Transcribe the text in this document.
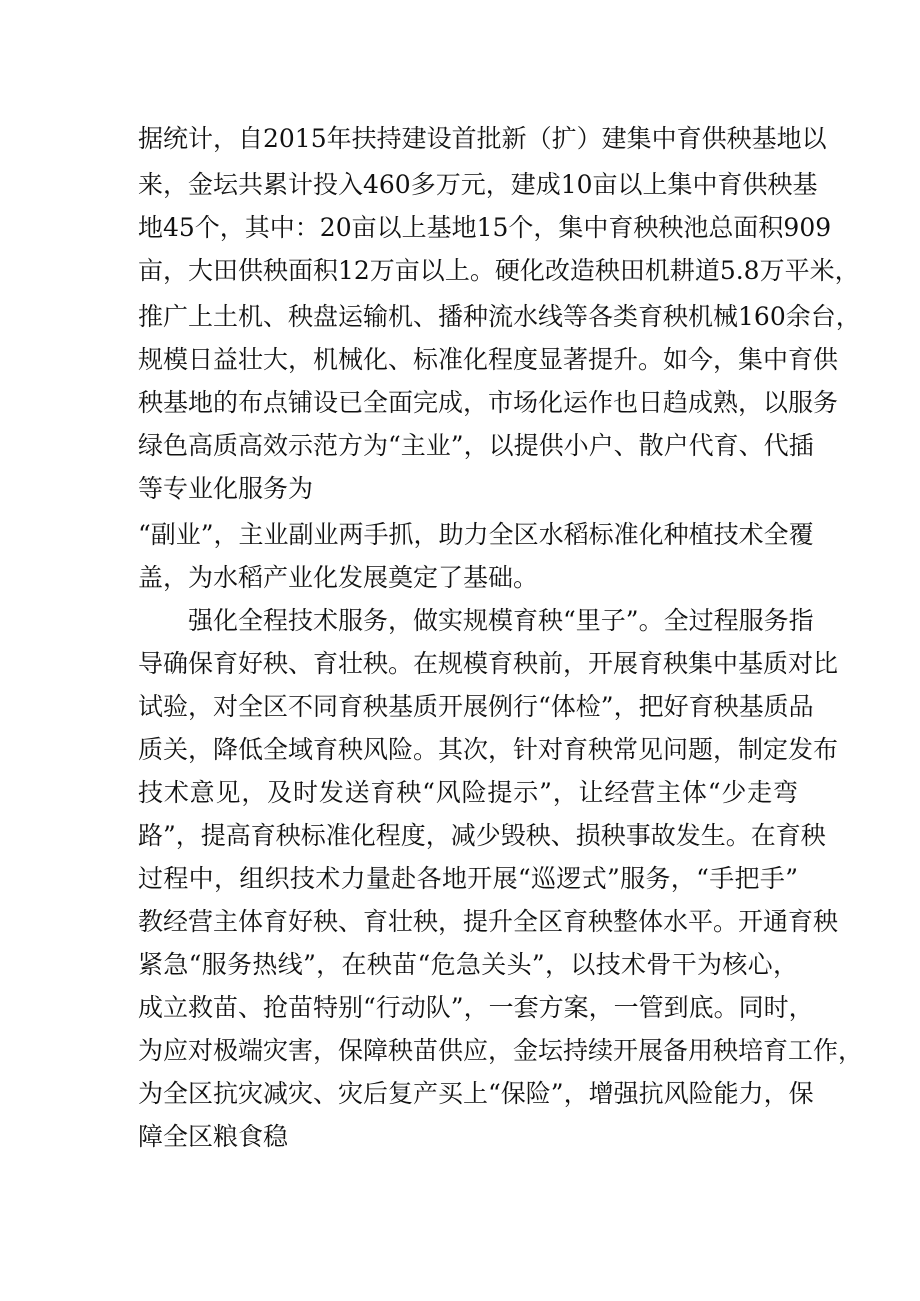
据统计，自2015年扶持建设首批新（扩）建集中育供秧基地以
来，金坛共累计投入460多万元，建成10亩以上集中育供秧基
地45个，其中：20亩以上基地15个，集中育秧秧池总面积909
亩，大田供秧面积12万亩以上。硬化改造秧田机耕道5.8万平米，
推广上土机、秧盘运输机、播种流水线等各类育秧机械160余台，
规模日益壮大，机械化、标准化程度显著提升。如今，集中育供
秧基地的布点铺设已全面完成，市场化运作也日趋成熟，以服务
绿色高质高效示范方为“主业”，以提供小户、散户代育、代插
等专业化服务为
“副业”，主业副业两手抓，助力全区水稻标准化种植技术全覆
盖，为水稻产业化发展奠定了基础。
强化全程技术服务，做实规模育秧“里子”。全过程服务指
导确保育好秧、育壮秧。在规模育秧前，开展育秧集中基质对比
试验，对全区不同育秧基质开展例行“体检”，把好育秧基质品
质关，降低全域育秧风险。其次，针对育秧常见问题，制定发布
技术意见，及时发送育秧“风险提示”，让经营主体“少走弯
路”，提高育秧标准化程度，减少毁秧、损秧事故发生。在育秧
过程中，组织技术力量赴各地开展“巡逻式”服务，“手把手”
教经营主体育好秧、育壮秧，提升全区育秧整体水平。开通育秧
紧急“服务热线”，在秧苗“危急关头”，以技术骨干为核心，
成立救苗、抢苗特别“行动队”，一套方案，一管到底。同时，
为应对极端灾害，保障秧苗供应，金坛持续开展备用秧培育工作，
为全区抗灾减灾、灾后复产买上“保险”，增强抗风险能力，保
障全区粮食稳
